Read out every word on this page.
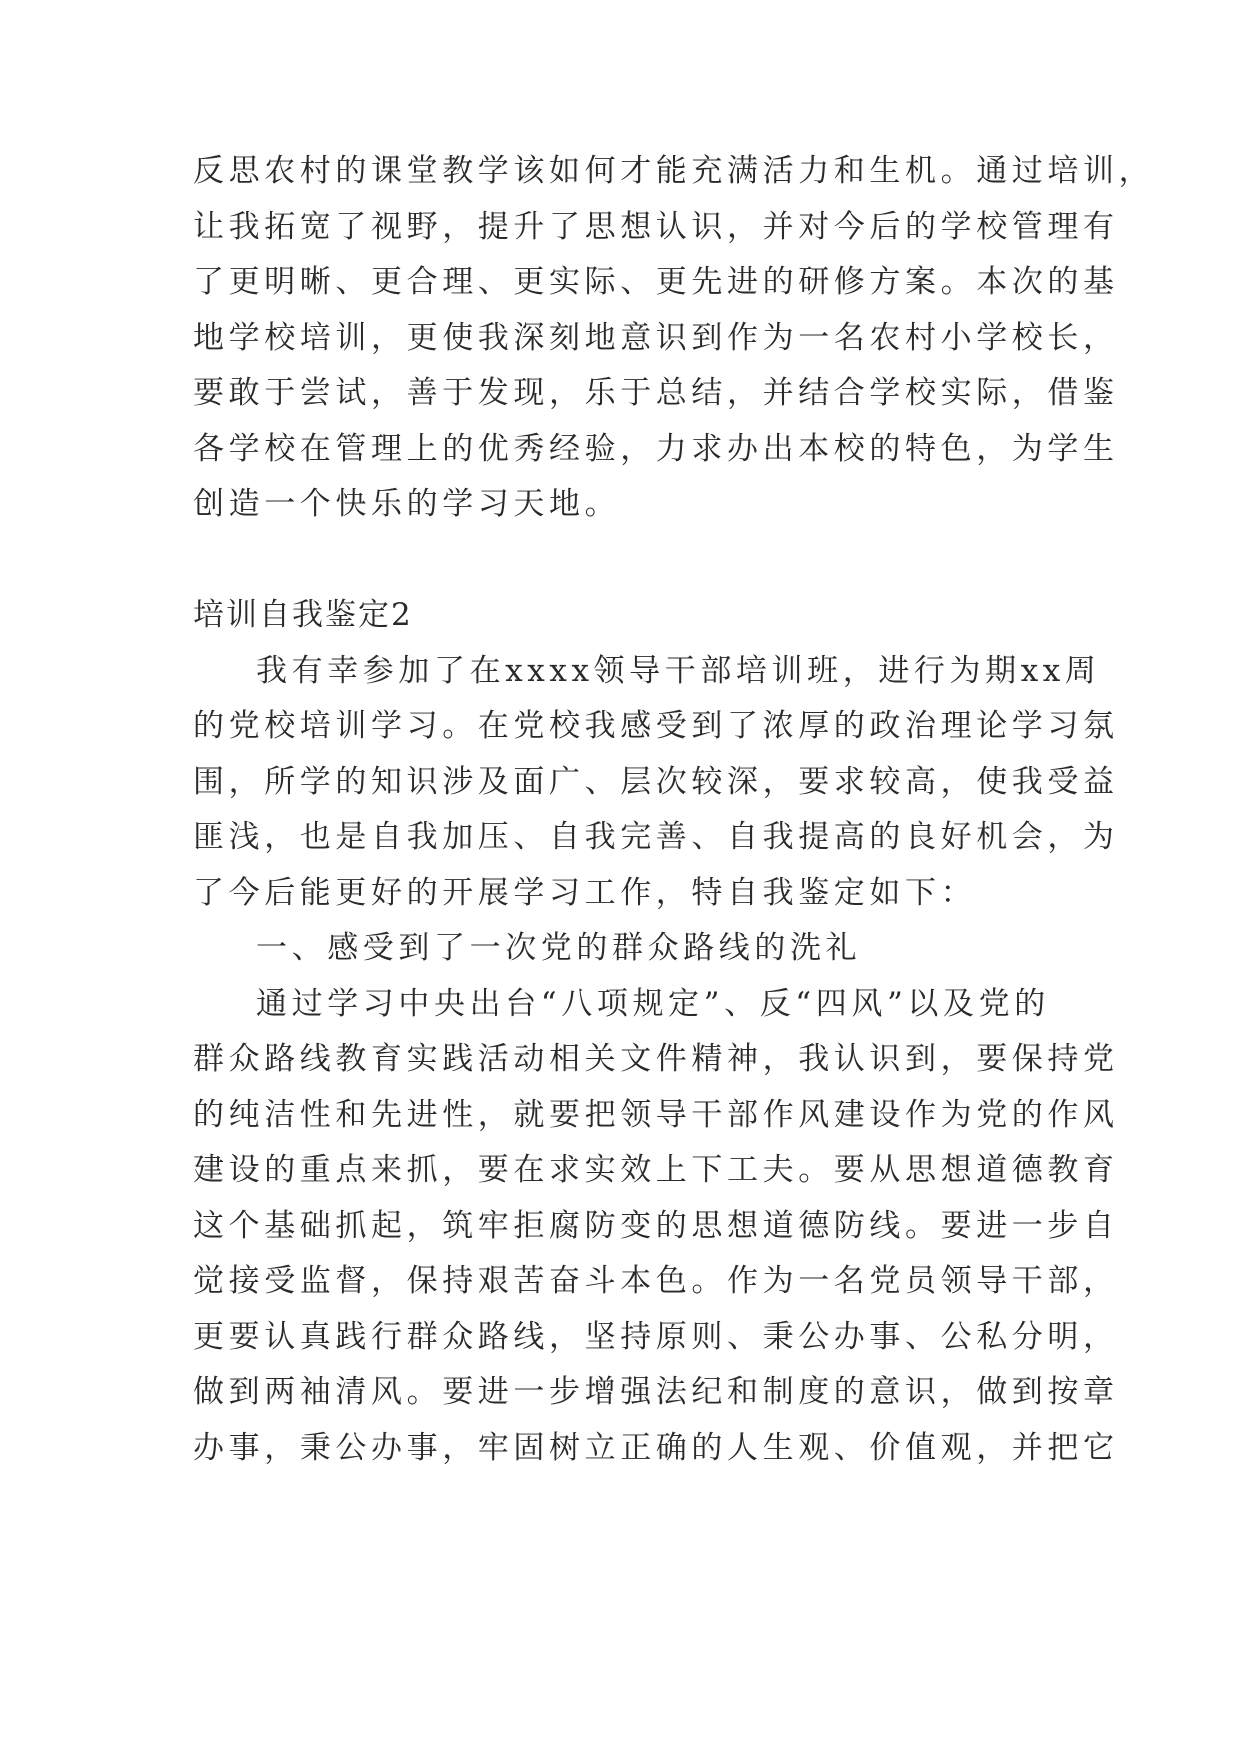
反思农村的课堂教学该如何才能充满活力和生机。通过培训，
让我拓宽了视野，提升了思想认识，并对今后的学校管理有
了更明晰、更合理、更实际、更先进的研修方案。本次的基
地学校培训，更使我深刻地意识到作为一名农村小学校长，
要敢于尝试，善于发现，乐于总结，并结合学校实际，借鉴
各学校在管理上的优秀经验，力求办出本校的特色，为学生
创造一个快乐的学习天地。
培训自我鉴定2
我有幸参加了在xxxx领导干部培训班，进行为期xx周
的党校培训学习。在党校我感受到了浓厚的政治理论学习氛
围，所学的知识涉及面广、层次较深，要求较高，使我受益
匪浅，也是自我加压、自我完善、自我提高的良好机会，为
了今后能更好的开展学习工作，特自我鉴定如下：
一、感受到了一次党的群众路线的洗礼
通过学习中央出台“八项规定”、反“四风”以及党的
群众路线教育实践活动相关文件精神，我认识到，要保持党
的纯洁性和先进性，就要把领导干部作风建设作为党的作风
建设的重点来抓，要在求实效上下工夫。要从思想道德教育
这个基础抓起，筑牢拒腐防变的思想道德防线。要进一步自
觉接受监督，保持艰苦奋斗本色。作为一名党员领导干部，
更要认真践行群众路线，坚持原则、秉公办事、公私分明，
做到两袖清风。要进一步增强法纪和制度的意识，做到按章
办事，秉公办事，牢固树立正确的人生观、价值观，并把它
